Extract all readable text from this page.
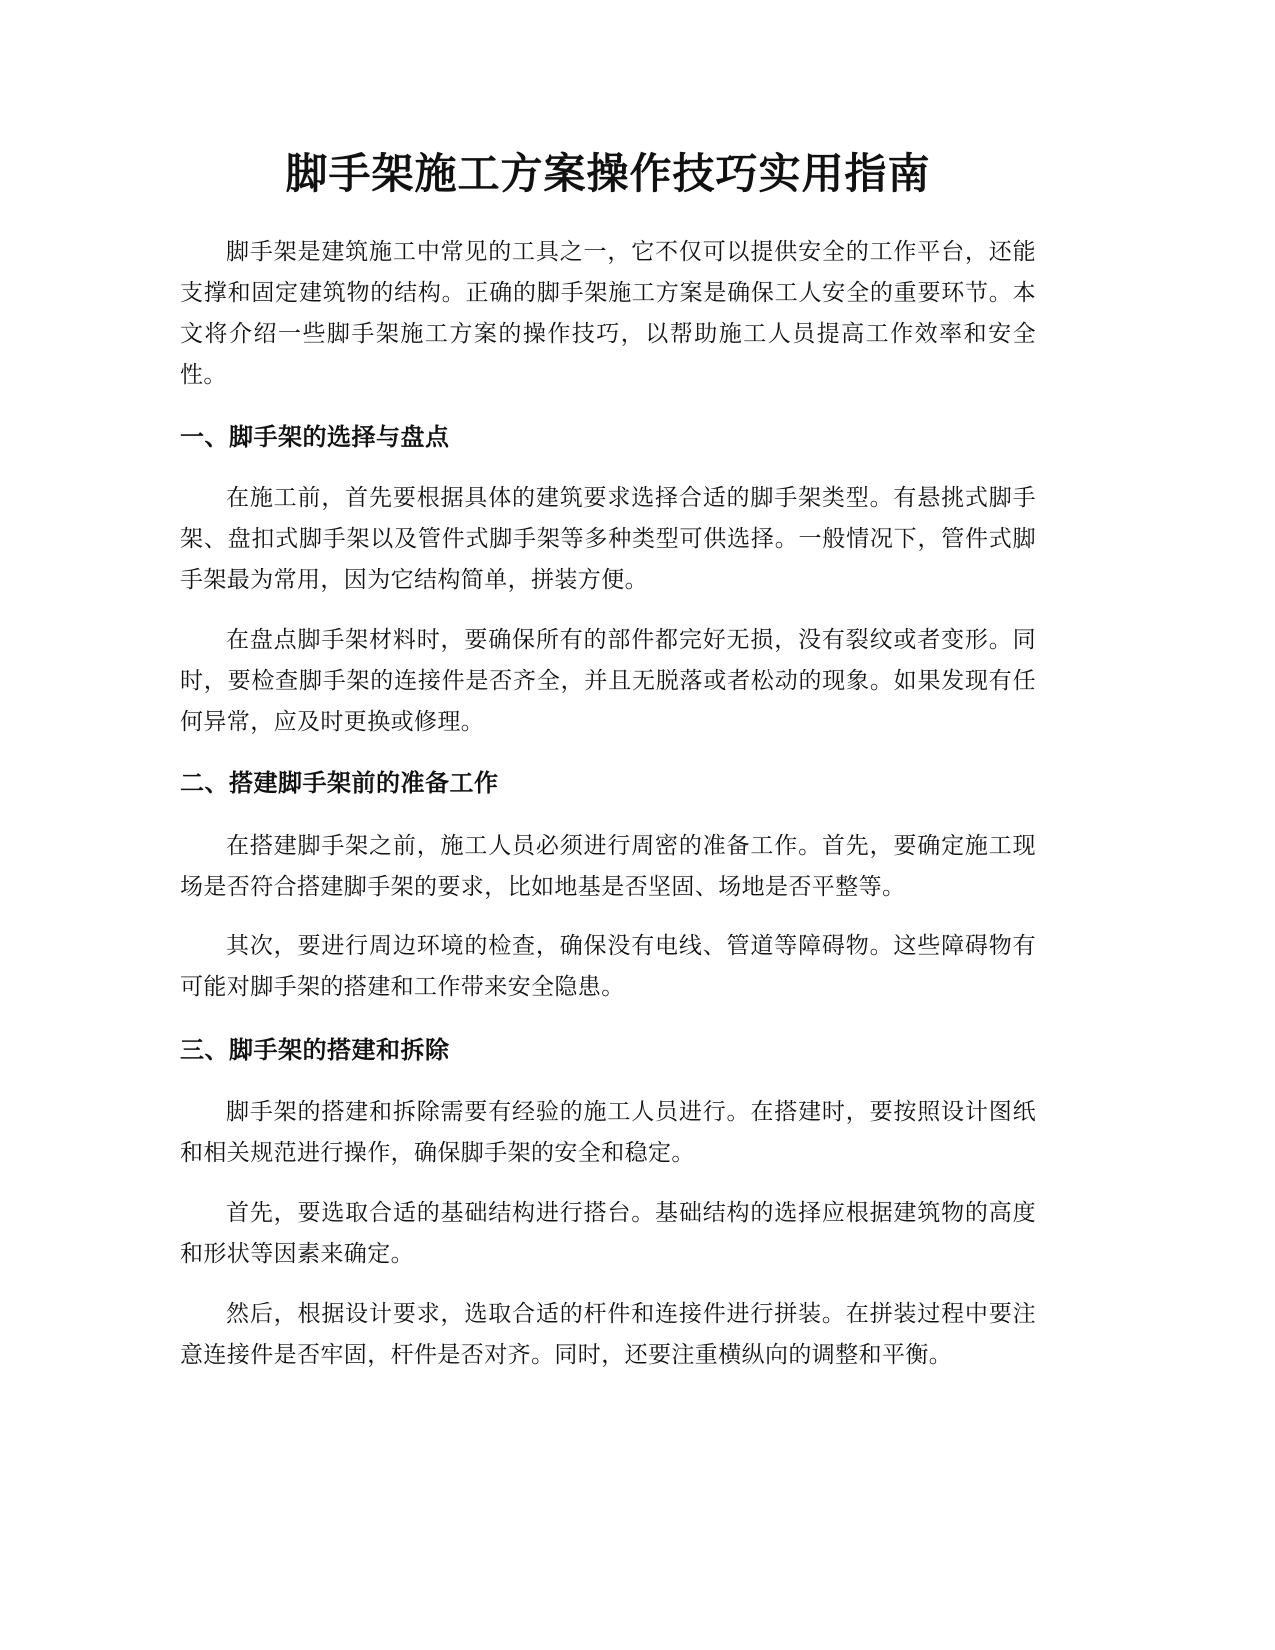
脚手架施工方案操作技巧实用指南

脚手架是建筑施工中常见的工具之一，它不仅可以提供安全的工作平台，还能支撑和固定建筑物的结构。正确的脚手架施工方案是确保工人安全的重要环节。本文将介绍一些脚手架施工方案的操作技巧，以帮助施工人员提高工作效率和安全性。

一、脚手架的选择与盘点

在施工前，首先要根据具体的建筑要求选择合适的脚手架类型。有悬挑式脚手架、盘扣式脚手架以及管件式脚手架等多种类型可供选择。一般情况下，管件式脚手架最为常用，因为它结构简单，拼装方便。

在盘点脚手架材料时，要确保所有的部件都完好无损，没有裂纹或者变形。同时，要检查脚手架的连接件是否齐全，并且无脱落或者松动的现象。如果发现有任何异常，应及时更换或修理。

二、搭建脚手架前的准备工作

在搭建脚手架之前，施工人员必须进行周密的准备工作。首先，要确定施工现场是否符合搭建脚手架的要求，比如地基是否坚固、场地是否平整等。

其次，要进行周边环境的检查，确保没有电线、管道等障碍物。这些障碍物有可能对脚手架的搭建和工作带来安全隐患。

三、脚手架的搭建和拆除

脚手架的搭建和拆除需要有经验的施工人员进行。在搭建时，要按照设计图纸和相关规范进行操作，确保脚手架的安全和稳定。

首先，要选取合适的基础结构进行搭台。基础结构的选择应根据建筑物的高度和形状等因素来确定。

然后，根据设计要求，选取合适的杆件和连接件进行拼装。在拼装过程中要注意连接件是否牢固，杆件是否对齐。同时，还要注重横纵向的调整和平衡。
